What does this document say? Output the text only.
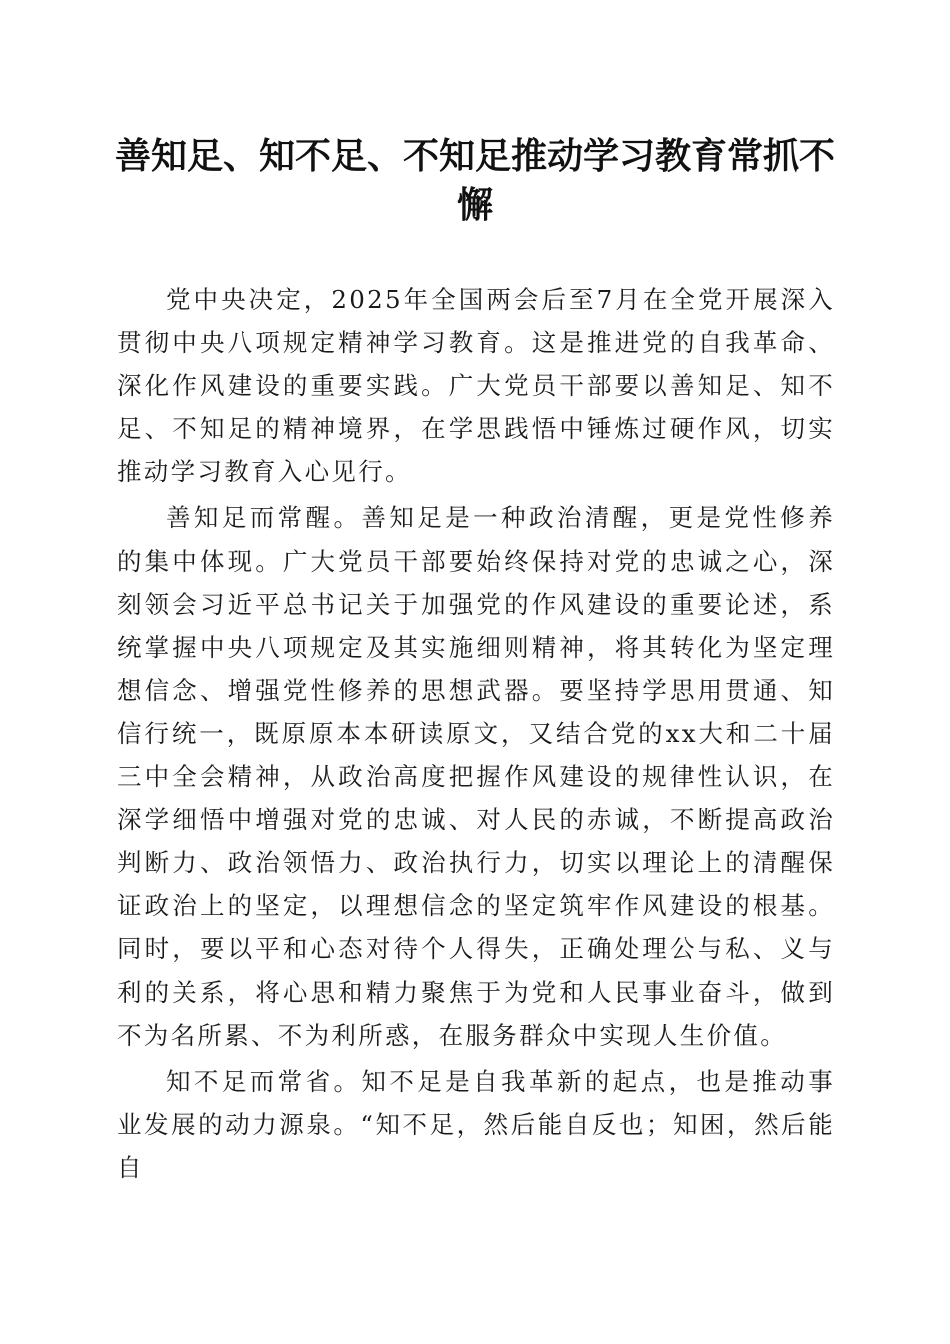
善知足、知不足、不知足推动学习教育常抓不懈

党中央决定，2025年全国两会后至7月在全党开展深入贯彻中央八项规定精神学习教育。这是推进党的自我革命、深化作风建设的重要实践。广大党员干部要以善知足、知不足、不知足的精神境界，在学思践悟中锤炼过硬作风，切实推动学习教育入心见行。

善知足而常醒。善知足是一种政治清醒，更是党性修养的集中体现。广大党员干部要始终保持对党的忠诚之心，深刻领会习近平总书记关于加强党的作风建设的重要论述，系统掌握中央八项规定及其实施细则精神，将其转化为坚定理想信念、增强党性修养的思想武器。要坚持学思用贯通、知信行统一，既原原本本研读原文，又结合党的xx大和二十届三中全会精神，从政治高度把握作风建设的规律性认识，在深学细悟中增强对党的忠诚、对人民的赤诚，不断提高政治判断力、政治领悟力、政治执行力，切实以理论上的清醒保证政治上的坚定，以理想信念的坚定筑牢作风建设的根基。同时，要以平和心态对待个人得失，正确处理公与私、义与利的关系，将心思和精力聚焦于为党和人民事业奋斗，做到不为名所累、不为利所惑，在服务群众中实现人生价值。

知不足而常省。知不足是自我革新的起点，也是推动事业发展的动力源泉。“知不足，然后能自反也；知困，然后能自
